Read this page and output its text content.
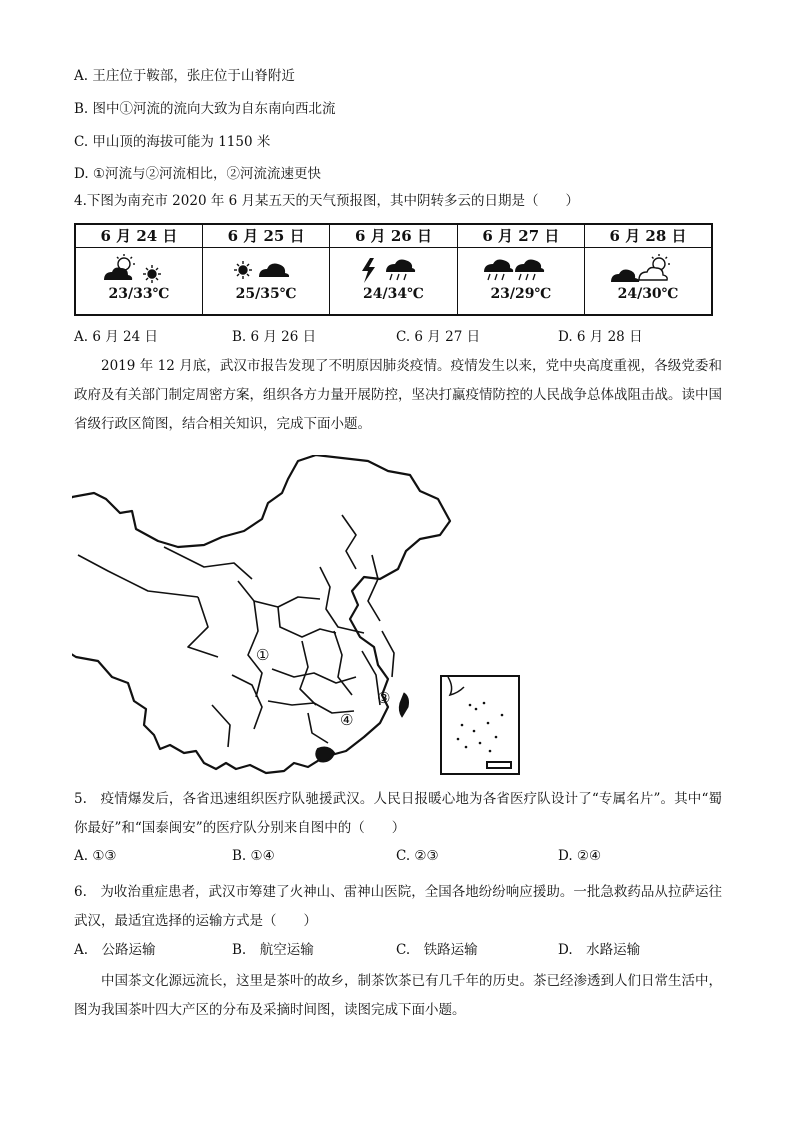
A. 王庄位于鞍部，张庄位于山脊附近
B. 图中①河流的流向大致为自东南向西北流
C. 甲山顶的海拔可能为 1150 米
D. ①河流与②河流相比，②河流流速更快
4.下图为南充市 2020 年 6 月某五天的天气预报图，其中阴转多云的日期是（　　）
6 月 24 日	6 月 25 日	6 月 26 日	6 月 27 日	6 月 28 日

23/33℃	25/35℃	24/34℃	23/29℃	24/30℃
A. 6 月 24 日	B. 6 月 26 日	C. 6 月 27 日	D. 6 月 28 日
2019 年 12 月底，武汉市报告发现了不明原因肺炎疫情。疫情发生以来，党中央高度重视，各级党委和政府及有关部门制定周密方案，组织各方力量开展防控，坚决打赢疫情防控的人民战争总体战阻击战。读中国省级行政区简图，结合相关知识，完成下面小题。
①
③
④
5.　疫情爆发后，各省迅速组织医疗队驰援武汉。人民日报暖心地为各省医疗队设计了“专属名片”。其中“蜀你最好”和“国泰闽安”的医疗队分别来自图中的（　　）
A. ①③	B. ①④	C. ②③	D. ②④
6.　为收治重症患者，武汉市筹建了火神山、雷神山医院，全国各地纷纷响应援助。一批急救药品从拉萨运往武汉，最适宜选择的运输方式是（　　）
A.　公路运输	B.　航空运输	C.　铁路运输	D.　水路运输
中国茶文化源远流长，这里是茶叶的故乡，制茶饮茶已有几千年的历史。茶已经渗透到人们日常生活中，图为我国茶叶四大产区的分布及采摘时间图，读图完成下面小题。
